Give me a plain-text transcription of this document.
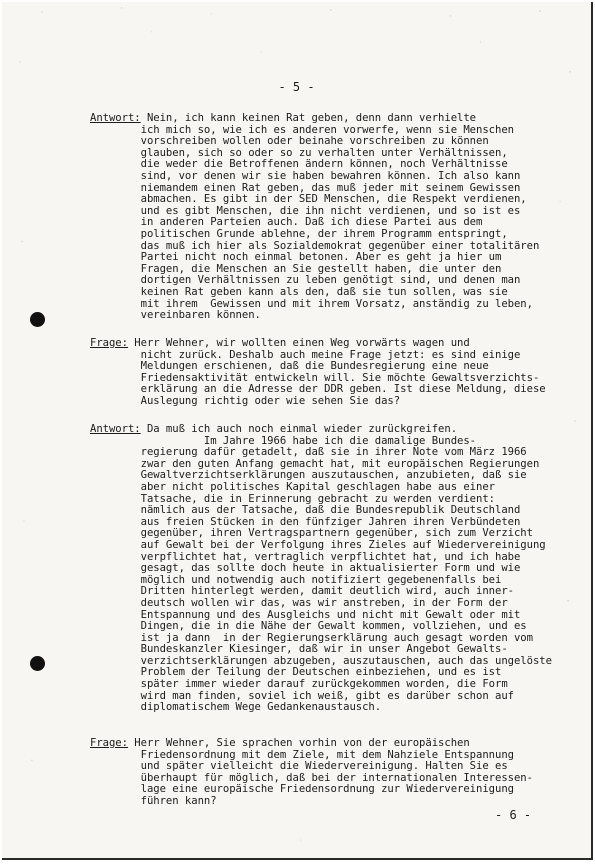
- 5 -
Antwort: Nein, ich kann keinen Rat geben, denn dann verhielte
ich mich so, wie ich es anderen vorwerfe, wenn sie Menschen
vorschreiben wollen oder beinahe vorschreiben zu können
glauben, sich so oder so zu verhalten unter Verhältnissen,
die weder die Betroffenen ändern können, noch Verhältnisse
sind, vor denen wir sie haben bewahren können. Ich also kann
niemandem einen Rat geben, das muß jeder mit seinem Gewissen
abmachen. Es gibt in der SED Menschen, die Respekt verdienen,
und es gibt Menschen, die ihn nicht verdienen, und so ist es
in anderen Parteien auch. Daß ich diese Partei aus dem
politischen Grunde ablehne, der ihrem Programm entspringt,
das muß ich hier als Sozialdemokrat gegenüber einer totalitären
Partei nicht noch einmal betonen. Aber es geht ja hier um
Fragen, die Menschen an Sie gestellt haben, die unter den
dortigen Verhältnissen zu leben genötigt sind, und denen man
keinen Rat geben kann als den, daß sie tun sollen, was sie
mit ihrem  Gewissen und mit ihrem Vorsatz, anständig zu leben,
vereinbaren können.
Frage: Herr Wehner, wir wollten einen Weg vorwärts wagen und
nicht zurück. Deshalb auch meine Frage jetzt: es sind einige
Meldungen erschienen, daß die Bundesregierung eine neue
Friedensaktivität entwickeln will. Sie möchte Gewaltsverzichts-
erklärung an die Adresse der DDR geben. Ist diese Meldung, diese
Auslegung richtig oder wie sehen Sie das?
Antwort: Da muß ich auch noch einmal wieder zurückgreifen.
Im Jahre 1966 habe ich die damalige Bundes-
regierung dafür getadelt, daß sie in ihrer Note vom März 1966
zwar den guten Anfang gemacht hat, mit europäischen Regierungen
Gewaltverzichtserklärungen auszutauschen, anzubieten, daß sie
aber nicht politisches Kapital geschlagen habe aus einer
Tatsache, die in Erinnerung gebracht zu werden verdient:
nämlich aus der Tatsache, daß die Bundesrepublik Deutschland
aus freien Stücken in den fünfziger Jahren ihren Verbündeten
gegenüber, ihren Vertragspartnern gegenüber, sich zum Verzicht
auf Gewalt bei der Verfolgung ihres Zieles auf Wiedervereinigung
verpflichtet hat, vertraglich verpflichtet hat, und ich habe
gesagt, das sollte doch heute in aktualisierter Form und wie
möglich und notwendig auch notifiziert gegebenenfalls bei
Dritten hinterlegt werden, damit deutlich wird, auch inner-
deutsch wollen wir das, was wir anstreben, in der Form der
Entspannung und des Ausgleichs und nicht mit Gewalt oder mit
Dingen, die in die Nähe der Gewalt kommen, vollziehen, und es
ist ja dann  in der Regierungserklärung auch gesagt worden vom
Bundeskanzler Kiesinger, daß wir in unser Angebot Gewalts-
verzichtserklärungen abzugeben, auszutauschen, auch das ungelöste
Problem der Teilung der Deutschen einbeziehen, und es ist
später immer wieder darauf zurückgekommen worden, die Form
wird man finden, soviel ich weiß, gibt es darüber schon auf
diplomatischem Wege Gedankenaustausch.
Frage: Herr Wehner, Sie sprachen vorhin von der europäischen
Friedensordnung mit dem Ziele, mit dem Nahziele Entspannung
und später vielleicht die Wiedervereinigung. Halten Sie es
überhaupt für möglich, daß bei der internationalen Interessen-
lage eine europäische Friedensordnung zur Wiedervereinigung
führen kann?
- 6 -
